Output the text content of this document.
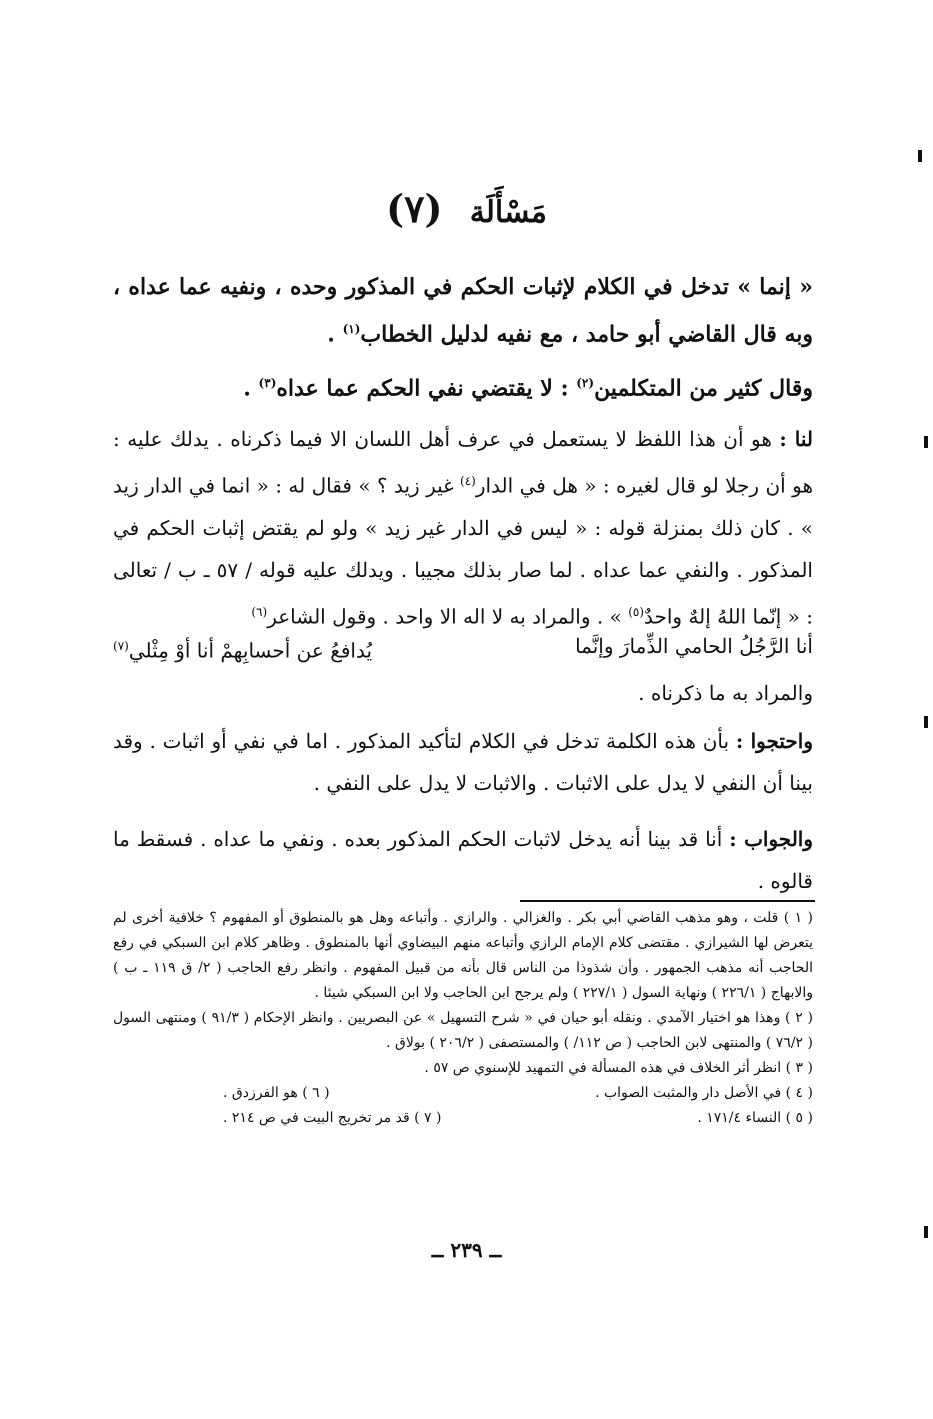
مَسْأَلَة (٧)
« إنما » تدخل في الكلام لإثبات الحكم في المذكور وحده ، ونفيه عما عداه ، وبه قال القاضي أبو حامد ، مع نفيه لدليل الخطاب$^{(١)}$ .
وقال كثير من المتكلمين$^{(٢)}$ : لا يقتضي نفي الحكم عما عداه$^{(٣)}$ .
لنا : هو أن هذا اللفظ لا يستعمل في عرف أهل اللسان الا فيما ذكرناه . يدلك عليه : هو أن رجلا لو قال لغيره : « هل في الدار$^{(٤)}$ غير زيد ؟ » فقال له : « انما في الدار زيد » . كان ذلك بمنزلة قوله : « ليس في الدار غير زيد » ولو لم يقتض إثبات الحكم في المذكور . والنفي عما عداه . لما صار بذلك مجيبا . ويدلك عليه قوله / ٥٧ ـ ب / تعالى : « إنّما اللهُ إلهٌ واحدٌ$^{(٥)}$ » . والمراد به لا اله الا واحد . وقول الشاعر$^{(٦)}$
أنا الرَّجُلُ الحامي الذِّمارَ وإنَّما
يُدافعُ عن أحسابِهمْ أنا أوْ مِثْلي$^{(٧)}$
والمراد به ما ذكرناه .
واحتجوا : بأن هذه الكلمة تدخل في الكلام لتأكيد المذكور . اما في نفي أو اثبات . وقد بينا أن النفي لا يدل على الاثبات . والاثبات لا يدل على النفي .
والجواب : أنا قد بينا أنه يدخل لاثبات الحكم المذكور بعده . ونفي ما عداه . فسقط ما قالوه .

( ١ ) قلت ، وهو مذهب القاضي أبي بكر . والغزالي . والرازي . وأتباعه وهل هو بالمنطوق أو المفهوم ؟ خلافية أخرى لم يتعرض لها الشيرازي . مقتضى كلام الإمام الرازي وأتباعه منهم البيضاوي أنها بالمنطوق . وظاهر كلام ابن السبكي في رفع الحاجب أنه مذهب الجمهور . وأن شذوذا من الناس قال بأنه من قبيل المفهوم . وانظر رفع الحاجب ( ٢/ ق ١١٩ ـ ب ) والابهاج ( ٢٢٦/١ ) ونهاية السول ( ٢٢٧/١ ) ولم يرجح ابن الحاجب ولا ابن السبكي شيئا .

( ٢ ) وهذا هو اختيار الآمدي . ونقله أبو حيان في « شرح التسهيل » عن البصريين . وانظر الإحكام ( ٩١/٣ ) ومنتهى السول ( ٧٦/٢ ) والمنتهى لابن الحاجب ( ص ١١٢/ ) والمستصفى ( ٢٠٦/٢ ) بولاق .

( ٣ ) انظر أثر الخلاف في هذه المسألة في التمهيد للإسنوي ص ٥٧ .

( ٤ ) في الأصل دار والمثبت الصواب .
( ٦ ) هو الفرزدق .
( ٥ ) النساء ١٧١/٤ .
( ٧ ) قد مر تخريج البيت في ص ٢١٤ .
ــ ٢٣٩ ــ
